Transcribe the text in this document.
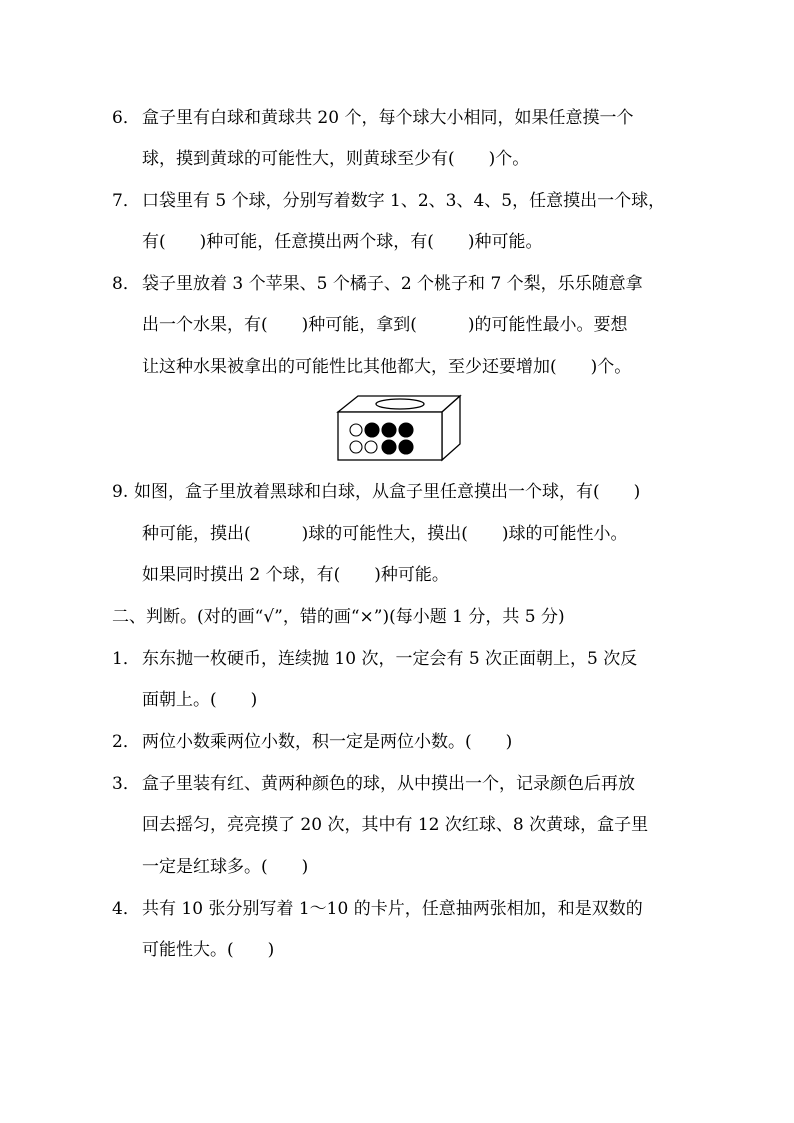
6． 盒子里有白球和黄球共 20 个，每个球大小相同，如果任意摸一个
球，摸到黄球的可能性大，则黄球至少有(　　)个。
7． 口袋里有 5 个球，分别写着数字 1、2、3、4、5，任意摸出一个球，
有(　　)种可能，任意摸出两个球，有(　　)种可能。
8． 袋子里放着 3 个苹果、5 个橘子、2 个桃子和 7 个梨，乐乐随意拿
出一个水果，有(　　)种可能，拿到(　　　)的可能性最小。要想
让这种水果被拿出的可能性比其他都大，至少还要增加(　　)个。
9. 如图，盒子里放着黑球和白球，从盒子里任意摸出一个球，有(　　)
种可能，摸出(　　　)球的可能性大，摸出(　　)球的可能性小。
如果同时摸出 2 个球，有(　　)种可能。
二、判断。(对的画“√”，错的画“×”)(每小题 1 分，共 5 分)
1． 东东抛一枚硬币，连续抛 10 次，一定会有 5 次正面朝上，5 次反
面朝上。(　　)
2． 两位小数乘两位小数，积一定是两位小数。(　　)
3． 盒子里装有红、黄两种颜色的球，从中摸出一个，记录颜色后再放
回去摇匀，亮亮摸了 20 次，其中有 12 次红球、8 次黄球，盒子里
一定是红球多。(　　)
4． 共有 10 张分别写着 1～10 的卡片，任意抽两张相加，和是双数的
可能性大。(　　)
